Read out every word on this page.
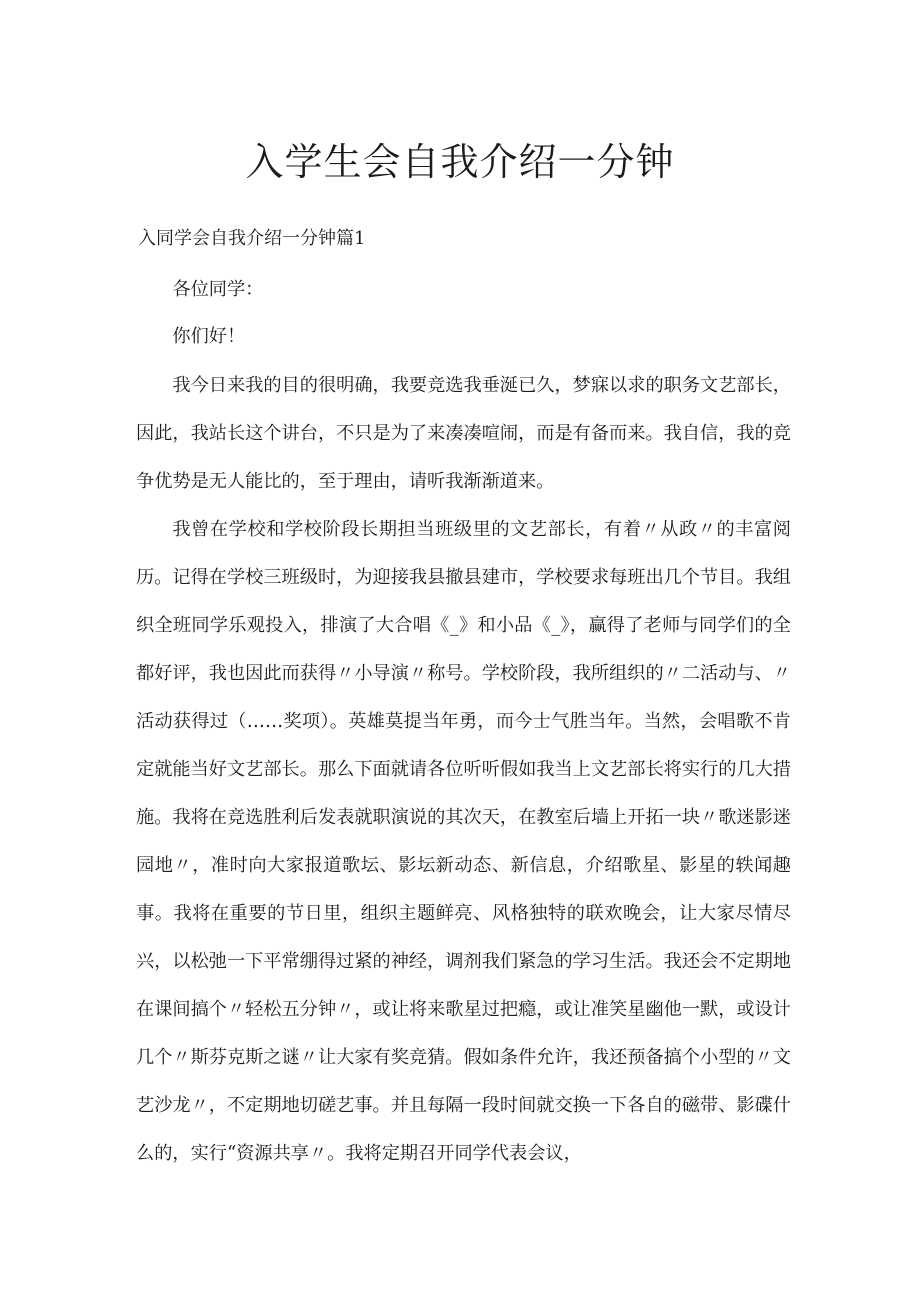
入学生会自我介绍一分钟
入同学会自我介绍一分钟篇1

各位同学：

你们好！

我今日来我的目的很明确，我要竞选我垂涎已久，梦寐以求的职务文艺部长，因此，我站长这个讲台，不只是为了来凑凑喧闹，而是有备而来。我自信，我的竞争优势是无人能比的，至于理由，请听我渐渐道来。

我曾在学校和学校阶段长期担当班级里的文艺部长，有着〃从政〃的丰富阅历。记得在学校三班级时，为迎接我县撤县建市，学校要求每班出几个节目。我组织全班同学乐观投入，排演了大合唱《_》和小品《_》，赢得了老师与同学们的全都好评，我也因此而获得〃小导演〃称号。学校阶段，我所组织的〃二活动与、〃活动获得过（……奖项）。英雄莫提当年勇，而今士气胜当年。当然，会唱歌不肯定就能当好文艺部长。那么下面就请各位听听假如我当上文艺部长将实行的几大措施。我将在竞选胜利后发表就职演说的其次天，在教室后墙上开拓一块〃歌迷影迷园地〃，准时向大家报道歌坛、影坛新动态、新信息，介绍歌星、影星的轶闻趣事。我将在重要的节日里，组织主题鲜亮、风格独特的联欢晚会，让大家尽情尽兴，以松弛一下平常绷得过紧的神经，调剂我们紧急的学习生活。我还会不定期地在课间搞个〃轻松五分钟〃，或让将来歌星过把瘾，或让准笑星幽他一默，或设计几个〃斯芬克斯之谜〃让大家有奖竞猜。假如条件允许，我还预备搞个小型的〃文艺沙龙〃，不定期地切磋艺事。并且每隔一段时间就交换一下各自的磁带、影碟什么的，实行“资源共享〃。我将定期召开同学代表会议，
